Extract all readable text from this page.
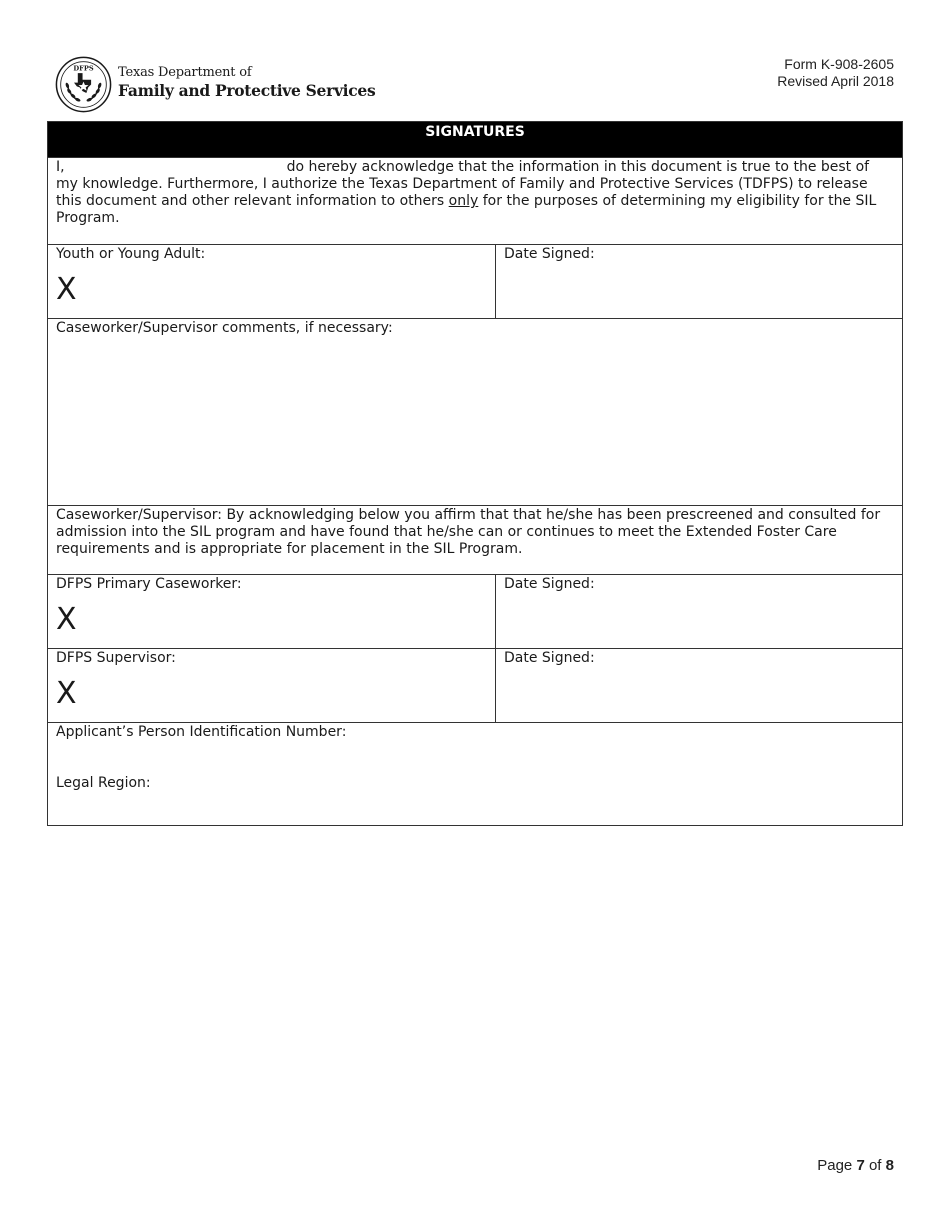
DFPS Texas Department of
Family and Protective Services
Form K-908-2605
Revised April 2018
SIGNATURES
I,	do hereby acknowledge that the information in this document is true to the best of my knowledge. Furthermore, I authorize the Texas Department of Family and Protective Services (TDFPS) to release this document and other relevant information to others only for the purposes of determining my eligibility for the SIL Program.
Youth or Young Adult:
X
Date Signed:
Caseworker/Supervisor comments, if necessary:
Caseworker/Supervisor: By acknowledging below you affirm that that he/she has been prescreened and consulted for admission into the SIL program and have found that he/she can or continues to meet the Extended Foster Care requirements and is appropriate for placement in the SIL Program.
DFPS Primary Caseworker:
X
Date Signed:
DFPS Supervisor:
X
Date Signed:
Applicant’s Person Identification Number:
Legal Region:
Page 7 of 8
